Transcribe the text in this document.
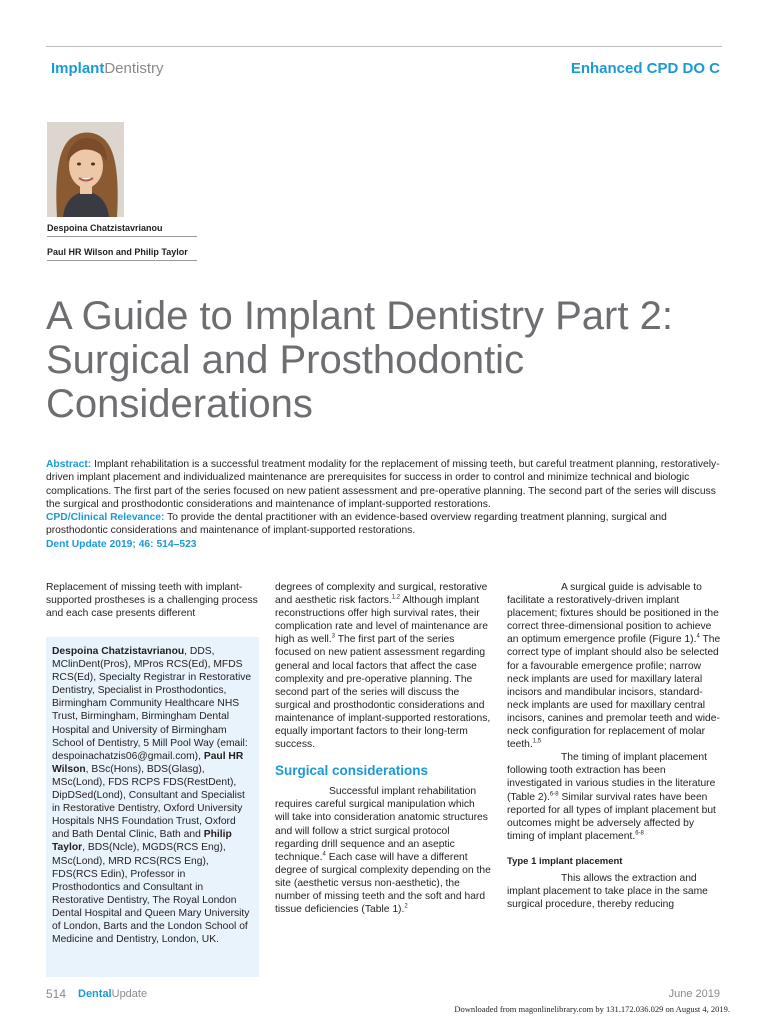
ImplantDentistry	Enhanced CPD DO C
Despoina Chatzistavrianou
Paul HR Wilson and Philip Taylor
A Guide to Implant Dentistry Part 2: Surgical and Prosthodontic Considerations
Abstract: Implant rehabilitation is a successful treatment modality for the replacement of missing teeth, but careful treatment planning, restoratively-driven implant placement and individualized maintenance are prerequisites for success in order to control and minimize technical and biologic complications. The first part of the series focused on new patient assessment and pre-operative planning. The second part of the series will discuss the surgical and prosthodontic considerations and maintenance of implant-supported restorations.
CPD/Clinical Relevance: To provide the dental practitioner with an evidence-based overview regarding treatment planning, surgical and prosthodontic considerations and maintenance of implant-supported restorations.
Dent Update 2019; 46: 514–523

Replacement of missing teeth with implant-supported prostheses is a challenging process and each case presents different

Despoina Chatzistavrianou, DDS, MClinDent(Pros), MPros RCS(Ed), MFDS RCS(Ed), Specialty Registrar in Restorative Dentistry, Specialist in Prosthodontics, Birmingham Community Healthcare NHS Trust, Birmingham, Birmingham Dental Hospital and University of Birmingham School of Dentistry, 5 Mill Pool Way (email: despoinachatzis06@gmail.com), Paul HR Wilson, BSc(Hons), BDS(Glasg), MSc(Lond), FDS RCPS FDS(RestDent), DipDSed(Lond), Consultant and Specialist in Restorative Dentistry, Oxford University Hospitals NHS Foundation Trust, Oxford and Bath Dental Clinic, Bath and Philip Taylor, BDS(Ncle), MGDS(RCS Eng), MSc(Lond), MRD RCS(RCS Eng), FDS(RCS Edin), Professor in Prosthodontics and Consultant in Restorative Dentistry, The Royal London Dental Hospital and Queen Mary University of London, Barts and the London School of Medicine and Dentistry, London, UK.

degrees of complexity and surgical, restorative and aesthetic risk factors.$^{1,2}$ Although implant reconstructions offer high survival rates, their complication rate and level of maintenance are high as well.$^3$ The first part of the series focused on new patient assessment regarding general and local factors that affect the case complexity and pre-operative planning. The second part of the series will discuss the surgical and prosthodontic considerations and maintenance of implant-supported restorations, equally important factors to their long-term success.

Surgical considerations

Successful implant rehabilitation requires careful surgical manipulation which will take into consideration anatomic structures and will follow a strict surgical protocol regarding drill sequence and an aseptic technique.$^4$ Each case will have a different degree of surgical complexity depending on the site (aesthetic versus non-aesthetic), the number of missing teeth and the soft and hard tissue deficiencies (Table 1).$^2$

A surgical guide is advisable to facilitate a restoratively-driven implant placement; fixtures should be positioned in the correct three-dimensional position to achieve an optimum emergence profile (Figure 1).$^4$ The correct type of implant should also be selected for a favourable emergence profile; narrow neck implants are used for maxillary lateral incisors and mandibular incisors, standard-neck implants are used for maxillary central incisors, canines and premolar teeth and wide-neck configuration for replacement of molar teeth.$^{1,5}$

The timing of implant placement following tooth extraction has been investigated in various studies in the literature (Table 2).$^{6-8}$ Similar survival rates have been reported for all types of implant placement but outcomes might be adversely affected by timing of implant placement.$^{6-8}$

Type 1 implant placement

This allows the extraction and implant placement to take place in the same surgical procedure, thereby reducing

514 DentalUpdate	June 2019
Downloaded from magonlinelibrary.com by 131.172.036.029 on August 4, 2019.
